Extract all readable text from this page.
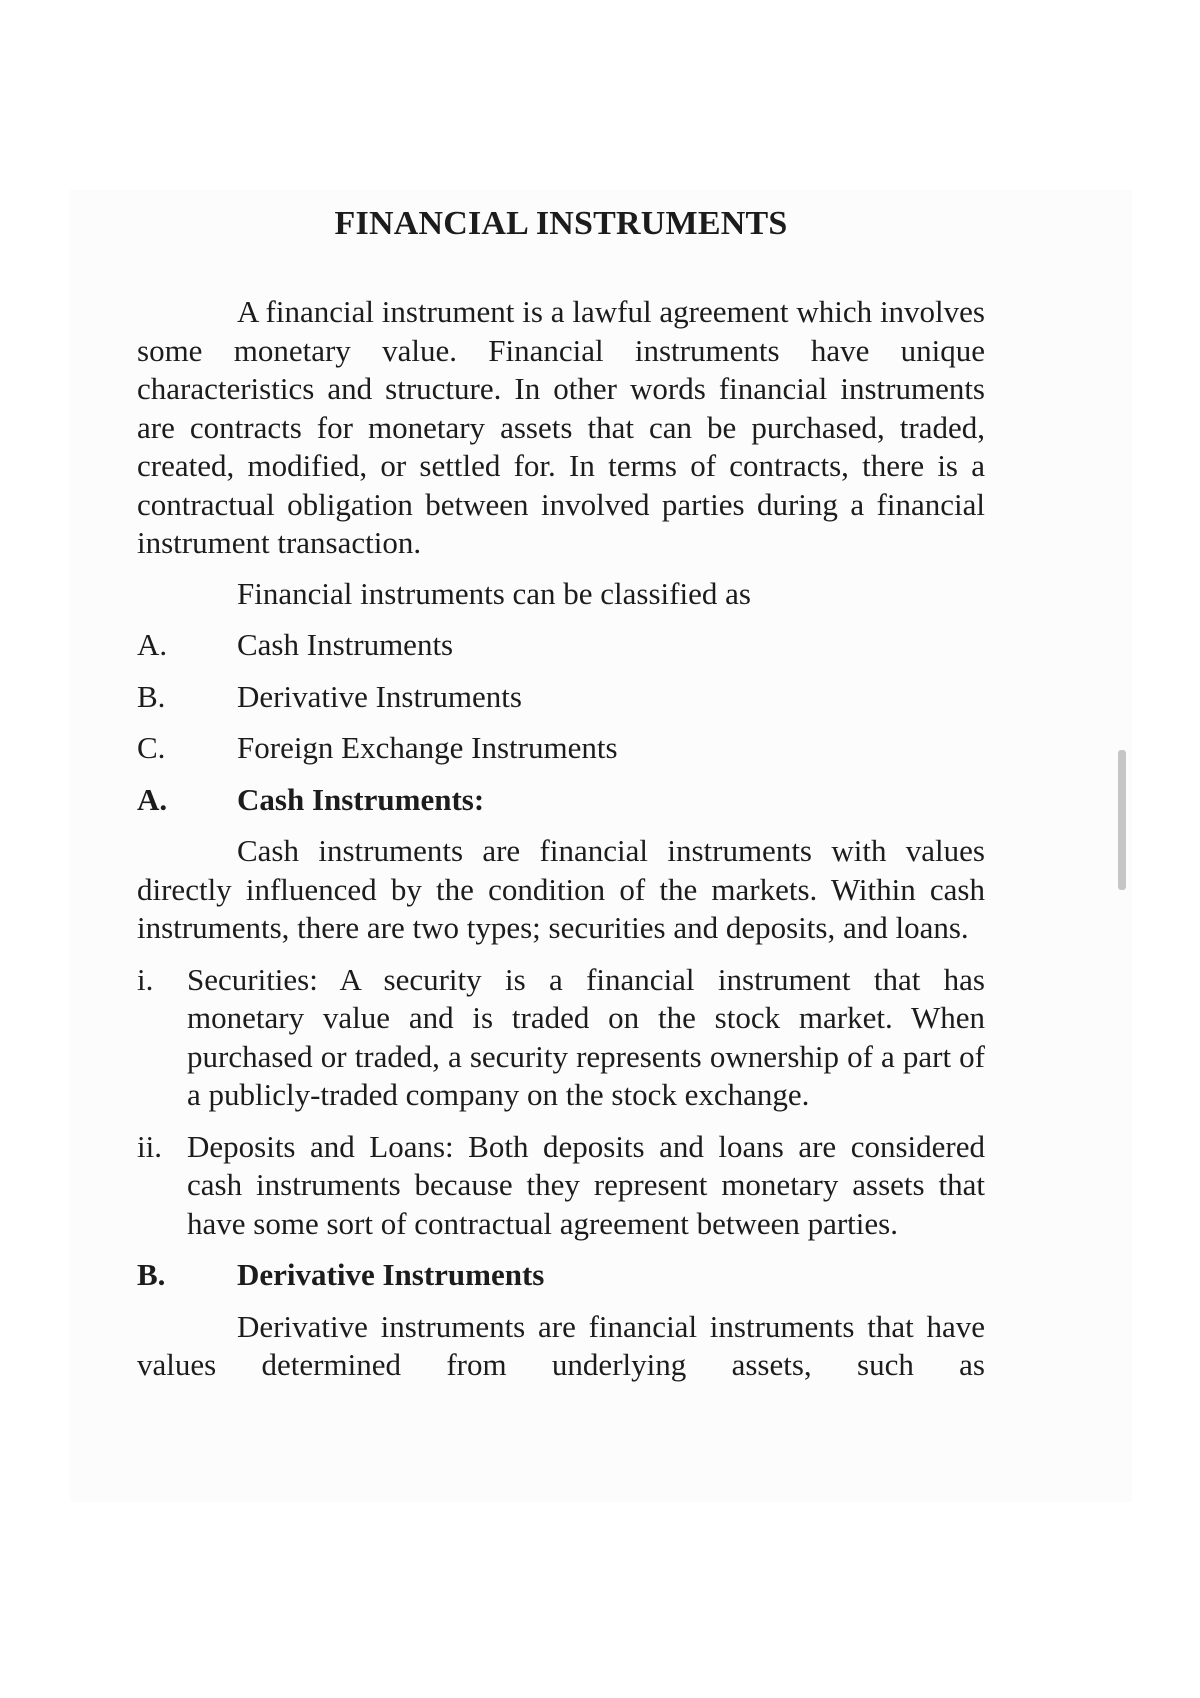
FINANCIAL INSTRUMENTS

A financial instrument is a lawful agreement which involves some monetary value. Financial instruments have unique characteristics and structure. In other words financial instruments are contracts for monetary assets that can be purchased, traded, created, modified, or settled for. In terms of contracts, there is a contractual obligation between involved parties during a financial instrument transaction.

Financial instruments can be classified as

A.	Cash Instruments
B.	Derivative Instruments
C.	Foreign Exchange Instruments
A.	Cash Instruments:

Cash instruments are financial instruments with values directly influenced by the condition of the markets. Within cash instruments, there are two types; securities and deposits, and loans.

i.	Securities: A security is a financial instrument that has monetary value and is traded on the stock market. When purchased or traded, a security represents ownership of a part of a publicly-traded company on the stock exchange.
ii. Deposits and Loans: Both deposits and loans are considered cash instruments because they represent monetary assets that have some sort of contractual agreement between parties.
B.	Derivative Instruments

Derivative instruments are financial instruments that have values determined from underlying assets, such as
